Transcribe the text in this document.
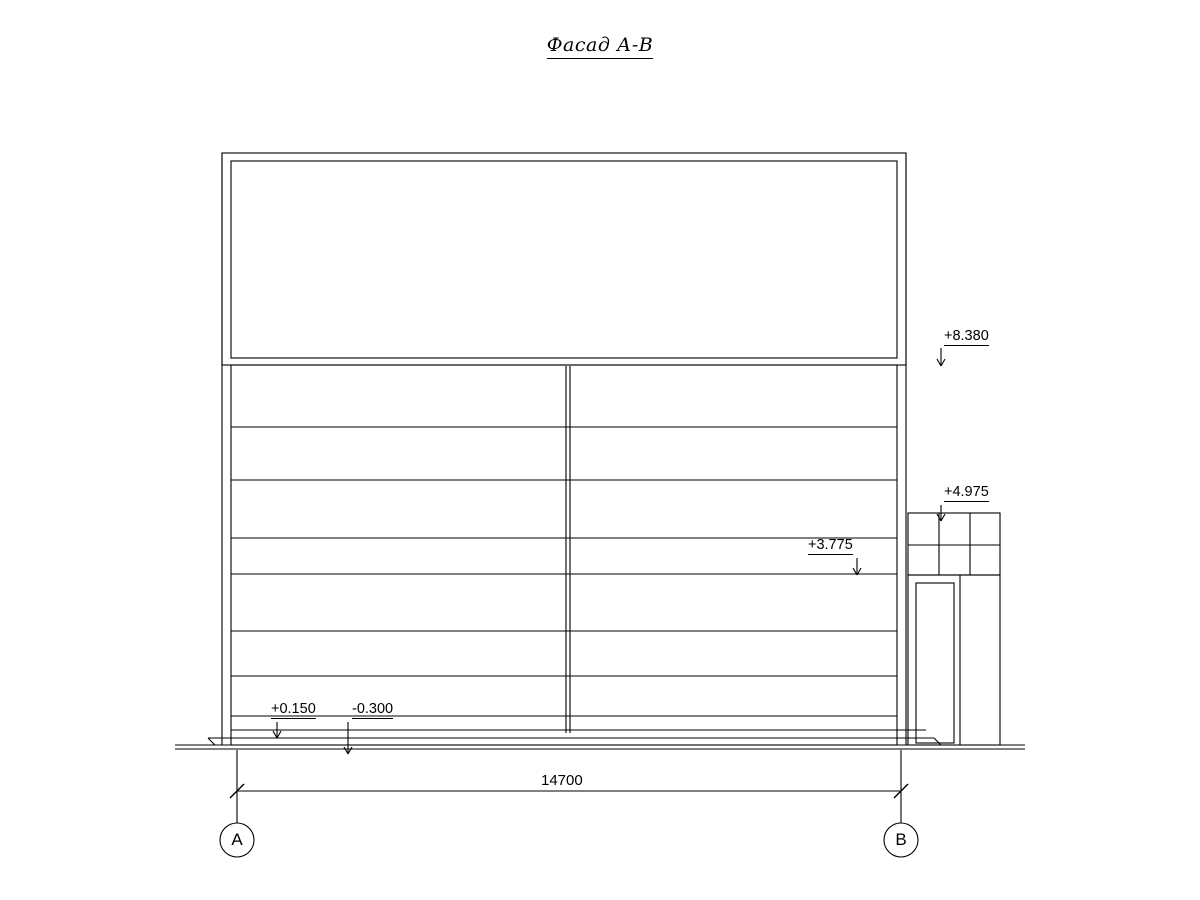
Фасад А-В
+8.380
+4.975
+3.775
+0.150 -0.300
14700
А	В
